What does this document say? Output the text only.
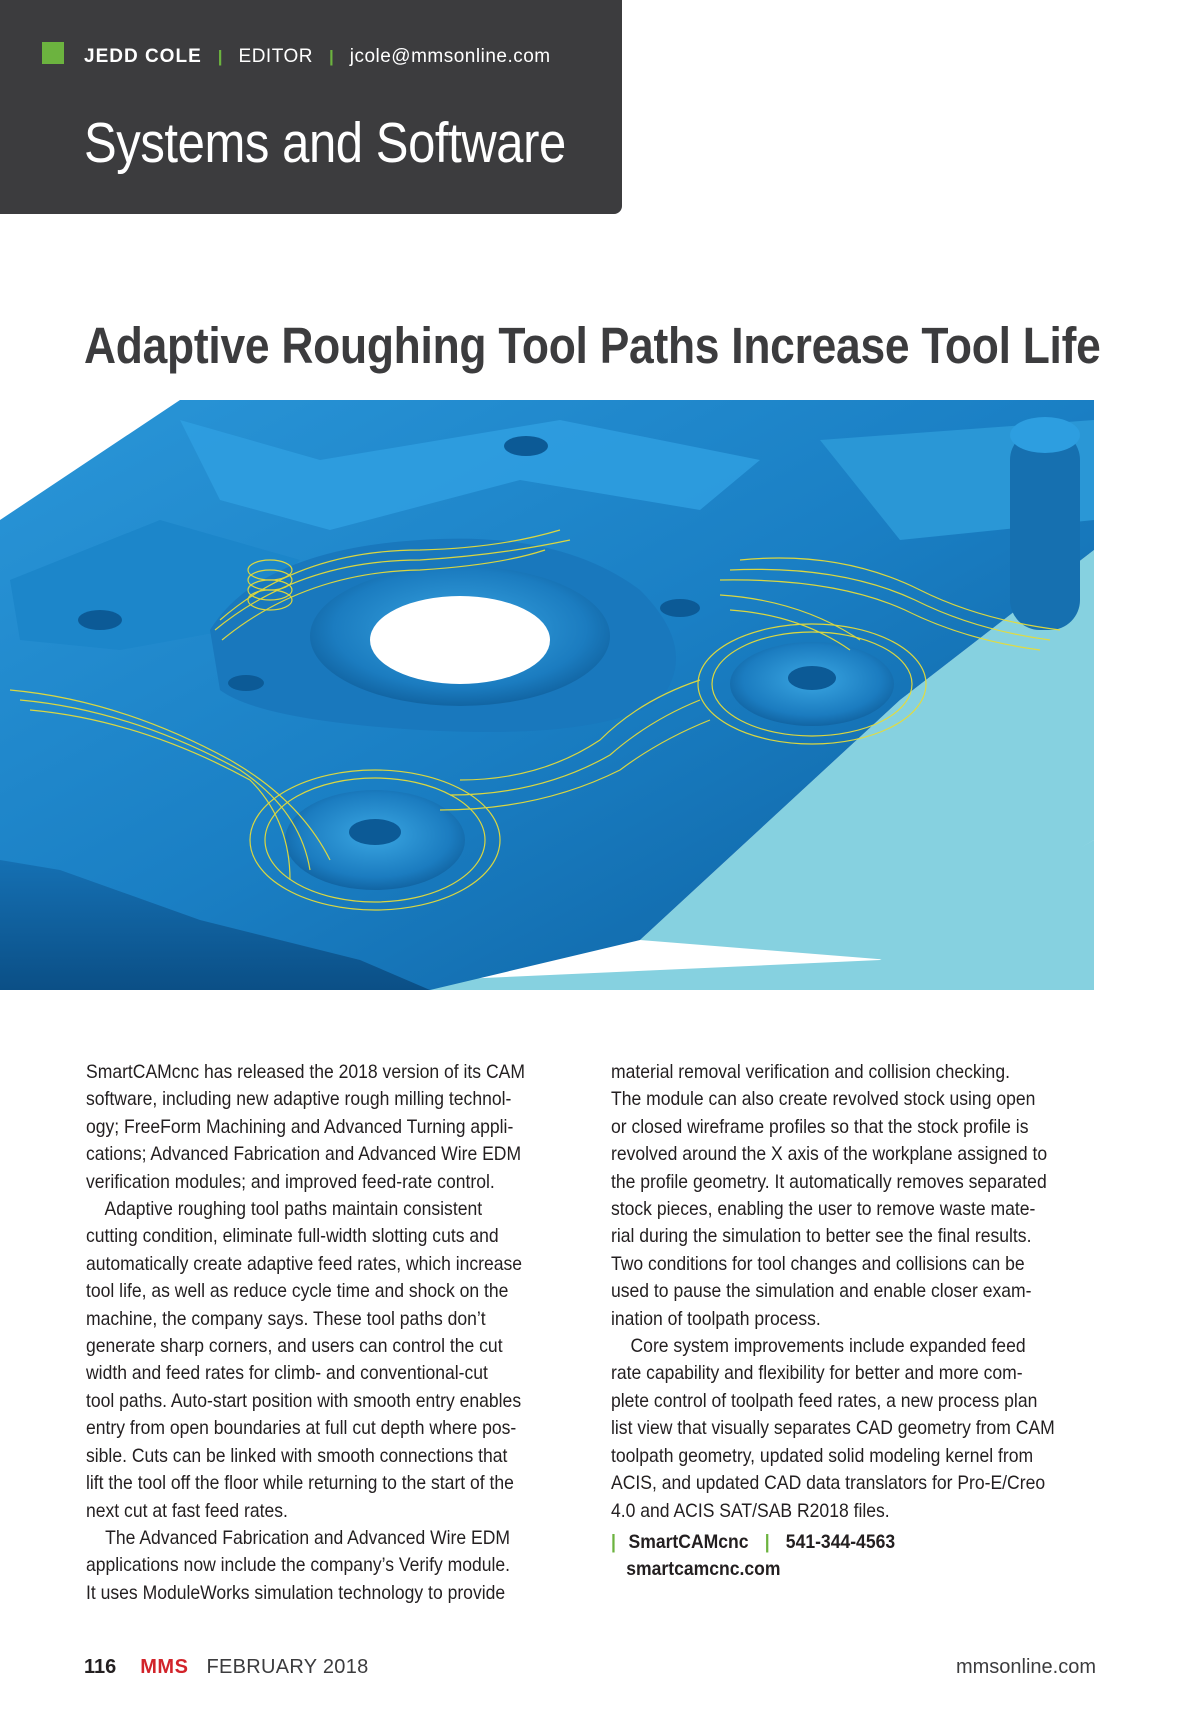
JEDD COLE | EDITOR | jcole@mmsonline.com
Systems and Software
Adaptive Roughing Tool Paths Increase Tool Life
SmartCAMcnc has released the 2018 version of its CAM
software, including new adaptive rough milling technol-
ogy; FreeForm Machining and Advanced Turning appli-
cations; Advanced Fabrication and Advanced Wire EDM
verification modules; and improved feed-rate control.
Adaptive roughing tool paths maintain consistent
cutting condition, eliminate full-width slotting cuts and
automatically create adaptive feed rates, which increase
tool life, as well as reduce cycle time and shock on the
machine, the company says. These tool paths don’t
generate sharp corners, and users can control the cut
width and feed rates for climb- and conventional-cut
tool paths. Auto-start position with smooth entry enables
entry from open boundaries at full cut depth where pos-
sible. Cuts can be linked with smooth connections that
lift the tool off the floor while returning to the start of the
next cut at fast feed rates.
The Advanced Fabrication and Advanced Wire EDM
applications now include the company’s Verify module.
It uses ModuleWorks simulation technology to provide
material removal verification and collision checking.
The module can also create revolved stock using open
or closed wireframe profiles so that the stock profile is
revolved around the X axis of the workplane assigned to
the profile geometry. It automatically removes separated
stock pieces, enabling the user to remove waste mate-
rial during the simulation to better see the final results.
Two conditions for tool changes and collisions can be
used to pause the simulation and enable closer exam-
ination of toolpath process.
Core system improvements include expanded feed
rate capability and flexibility for better and more com-
plete control of toolpath feed rates, a new process plan
list view that visually separates CAD geometry from CAM
toolpath geometry, updated solid modeling kernel from
ACIS, and updated CAD data translators for Pro-E/Creo
4.0 and ACIS SAT/SAB R2018 files.
| SmartCAMcnc | 541-344-4563
smartcamcnc.com
116 MMS FEBRUARY 2018	mmsonline.com
